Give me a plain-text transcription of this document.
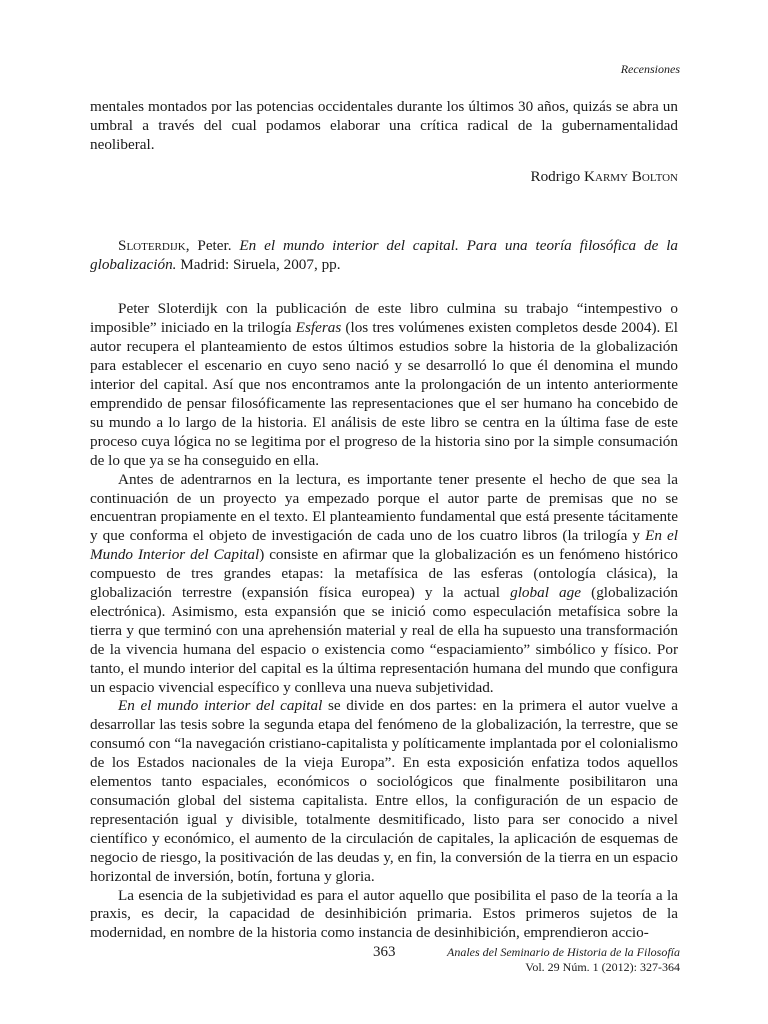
Recensiones

mentales montados por las potencias occidentales durante los últimos 30 años, quizás se abra un umbral a través del cual podamos elaborar una crítica radical de la gubernamentalidad neoliberal.

Rodrigo Karmy Bolton

Sloterdijk, Peter. En el mundo interior del capital. Para una teoría filosófica de la globalización. Madrid: Siruela, 2007, pp.

Peter Sloterdijk con la publicación de este libro culmina su trabajo “intempestivo o imposible” iniciado en la trilogía Esferas (los tres volúmenes existen completos desde 2004). El autor recupera el planteamiento de estos últimos estudios sobre la historia de la globalización para establecer el escenario en cuyo seno nació y se desarrolló lo que él denomina el mundo interior del capital. Así que nos encontramos ante la prolongación de un intento anteriormente emprendido de pensar filosóficamente las representaciones que el ser humano ha concebido de su mundo a lo largo de la historia. El análisis de este libro se centra en la última fase de este proceso cuya lógica no se legitima por el progreso de la historia sino por la simple consumación de lo que ya se ha conseguido en ella.

Antes de adentrarnos en la lectura, es importante tener presente el hecho de que sea la continuación de un proyecto ya empezado porque el autor parte de premisas que no se encuentran propiamente en el texto. El planteamiento fundamental que está presente tácitamente y que conforma el objeto de investigación de cada uno de los cuatro libros (la trilogía y En el Mundo Interior del Capital) consiste en afirmar que la globalización es un fenómeno histórico compuesto de tres grandes etapas: la metafísica de las esferas (ontología clásica), la globalización terrestre (expansión física europea) y la actual global age (globalización electrónica). Asimismo, esta expansión que se inició como especulación metafísica sobre la tierra y que terminó con una aprehensión material y real de ella ha supuesto una transformación de la vivencia humana del espacio o existencia como “espaciamiento” simbólico y físico. Por tanto, el mundo interior del capital es la última representación humana del mundo que configura un espacio vivencial específico y conlleva una nueva subjetividad.

En el mundo interior del capital se divide en dos partes: en la primera el autor vuelve a desarrollar las tesis sobre la segunda etapa del fenómeno de la globalización, la terrestre, que se consumó con “la navegación cristiano-capitalista y políticamente implantada por el colonialismo de los Estados nacionales de la vieja Europa”. En esta exposición enfatiza todos aquellos elementos tanto espaciales, económicos o sociológicos que finalmente posibilitaron una consumación global del sistema capitalista. Entre ellos, la configuración de un espacio de representación igual y divisible, totalmente desmitificado, listo para ser conocido a nivel científico y económico, el aumento de la circulación de capitales, la aplicación de esquemas de negocio de riesgo, la positivación de las deudas y, en fin, la conversión de la tierra en un espacio horizontal de inversión, botín, fortuna y gloria.

La esencia de la subjetividad es para el autor aquello que posibilita el paso de la teoría a la praxis, es decir, la capacidad de desinhibición primaria. Estos primeros sujetos de la modernidad, en nombre de la historia como instancia de desinhibición, emprendieron accio-

363	Anales del Seminario de Historia de la Filosofía
Vol. 29 Núm. 1 (2012): 327-364
